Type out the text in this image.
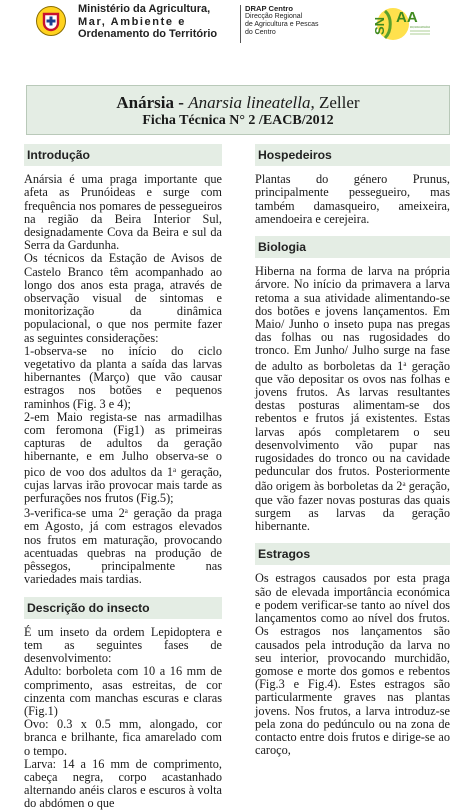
Ministério da Agricultura,
Mar, Ambiente e
Ordenamento do Território
DRAP Centro
Direcção Regional
de Agricultura e Pescas
do Centro	SN AA
SERVIÇO NACIONAL DE AVISOS AGRÍCOLAS
Anársia - Anarsia lineatella, Zeller
Ficha Técnica N° 2 /EACB/2012
Introdução

Anársia é uma praga importante que afeta as Prunóideas e surge com frequência nos pomares de pessegueiros na região da Beira Interior Sul, designadamente Cova da Beira e sul da Serra da Gardunha.

Os técnicos da Estação de Avisos de Castelo Branco têm acompanhado ao longo dos anos esta praga, através de observação visual de sintomas e monitorização da dinâmica populacional, o que nos permite fazer as seguintes considerações:

1-observa-se no início do ciclo vegetativo da planta a saída das larvas hibernantes (Março) que vão causar estragos nos botões e pequenos raminhos (Fig. 3 e 4);

2-em Maio regista-se nas armadilhas com feromona (Fig1) as primeiras capturas de adultos da geração hibernante, e em Julho observa-se o pico de voo dos adultos da 1$^a$ geração, cujas larvas irão provocar mais tarde as perfurações nos frutos (Fig.5);

3-verifica-se uma 2$^a$ geração da praga em Agosto, já com estragos elevados nos frutos em maturação, provocando acentuadas quebras na produção de pêssegos, principalmente nas variedades mais tardias.

Descrição do insecto

É um inseto da ordem Lepidoptera e tem as seguintes fases de desenvolvimento:

Adulto: borboleta com 10 a 16 mm de comprimento, asas estreitas, de cor cinzenta com manchas escuras e claras (Fig.1)

Ovo: 0.3 x 0.5 mm, alongado, cor branca e brilhante, fica amarelado com o tempo.

Larva: 14 a 16 mm de comprimento, cabeça negra, corpo acastanhado alternando anéis claros e escuros à volta do abdómen o que

Hospedeiros

Plantas do género Prunus, principalmente pessegueiro, mas também damasqueiro, ameixeira, amendoeira e cerejeira.

Biologia

Hiberna na forma de larva na própria árvore. No início da primavera a larva retoma a sua atividade alimentando-se dos botões e jovens lançamentos. Em Maio/ Junho o inseto pupa nas pregas das folhas ou nas rugosidades do tronco. Em Junho/ Julho surge na fase de adulto as borboletas da 1$^a$ geração que vão depositar os ovos nas folhas e jovens frutos. As larvas resultantes destas posturas alimentam-se dos rebentos e frutos já existentes. Estas larvas após completarem o seu desenvolvimento vão pupar nas rugosidades do tronco ou na cavidade peduncular dos frutos. Posteriormente dão origem às borboletas da 2$^a$ geração, que vão fazer novas posturas das quais surgem as larvas da geração hibernante.

Estragos

Os estragos causados por esta praga são de elevada importância económica e podem verificar-se tanto ao nível dos lançamentos como ao nível dos frutos. Os estragos nos lançamentos são causados pela introdução da larva no seu interior, provocando murchidão, gomose e morte dos gomos e rebentos (Fig.3 e Fig.4). Estes estragos são particularmente graves nas plantas jovens. Nos frutos, a larva introduz-se pela zona do pedúnculo ou na zona de contacto entre dois frutos e dirige-se ao caroço,
